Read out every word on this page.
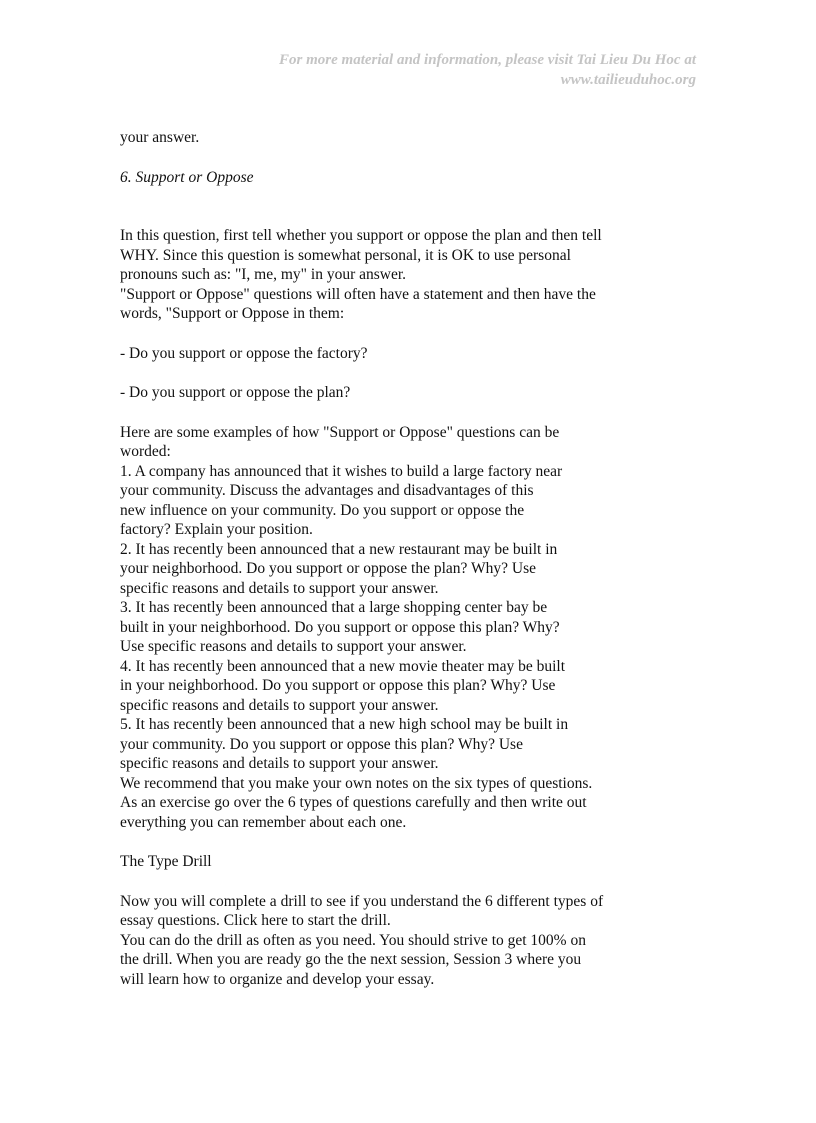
For more material and information, please visit Tai Lieu Du Hoc at
www.tailieuduhoc.org
your answer.
6. Support or Oppose
In this question, first tell whether you support or oppose the plan and then tell
WHY. Since this question is somewhat personal, it is OK to use personal
pronouns such as: "I, me, my" in your answer.
"Support or Oppose" questions will often have a statement and then have the
words, "Support or Oppose in them:
- Do you support or oppose the factory?
- Do you support or oppose the plan?
Here are some examples of how "Support or Oppose" questions can be
worded:
1. A company has announced that it wishes to build a large factory near
your community. Discuss the advantages and disadvantages of this
new influence on your community. Do you support or oppose the
factory? Explain your position.
2. It has recently been announced that a new restaurant may be built in
your neighborhood. Do you support or oppose the plan? Why? Use
specific reasons and details to support your answer.
3. It has recently been announced that a large shopping center bay be
built in your neighborhood. Do you support or oppose this plan? Why?
Use specific reasons and details to support your answer.
4. It has recently been announced that a new movie theater may be built
in your neighborhood. Do you support or oppose this plan? Why? Use
specific reasons and details to support your answer.
5. It has recently been announced that a new high school may be built in
your community. Do you support or oppose this plan? Why? Use
specific reasons and details to support your answer.
We recommend that you make your own notes on the six types of questions.
As an exercise go over the 6 types of questions carefully and then write out
everything you can remember about each one.
The Type Drill
Now you will complete a drill to see if you understand the 6 different types of
essay questions. Click here to start the drill.
You can do the drill as often as you need. You should strive to get 100% on
the drill. When you are ready go the the next session, Session 3 where you
will learn how to organize and develop your essay.
